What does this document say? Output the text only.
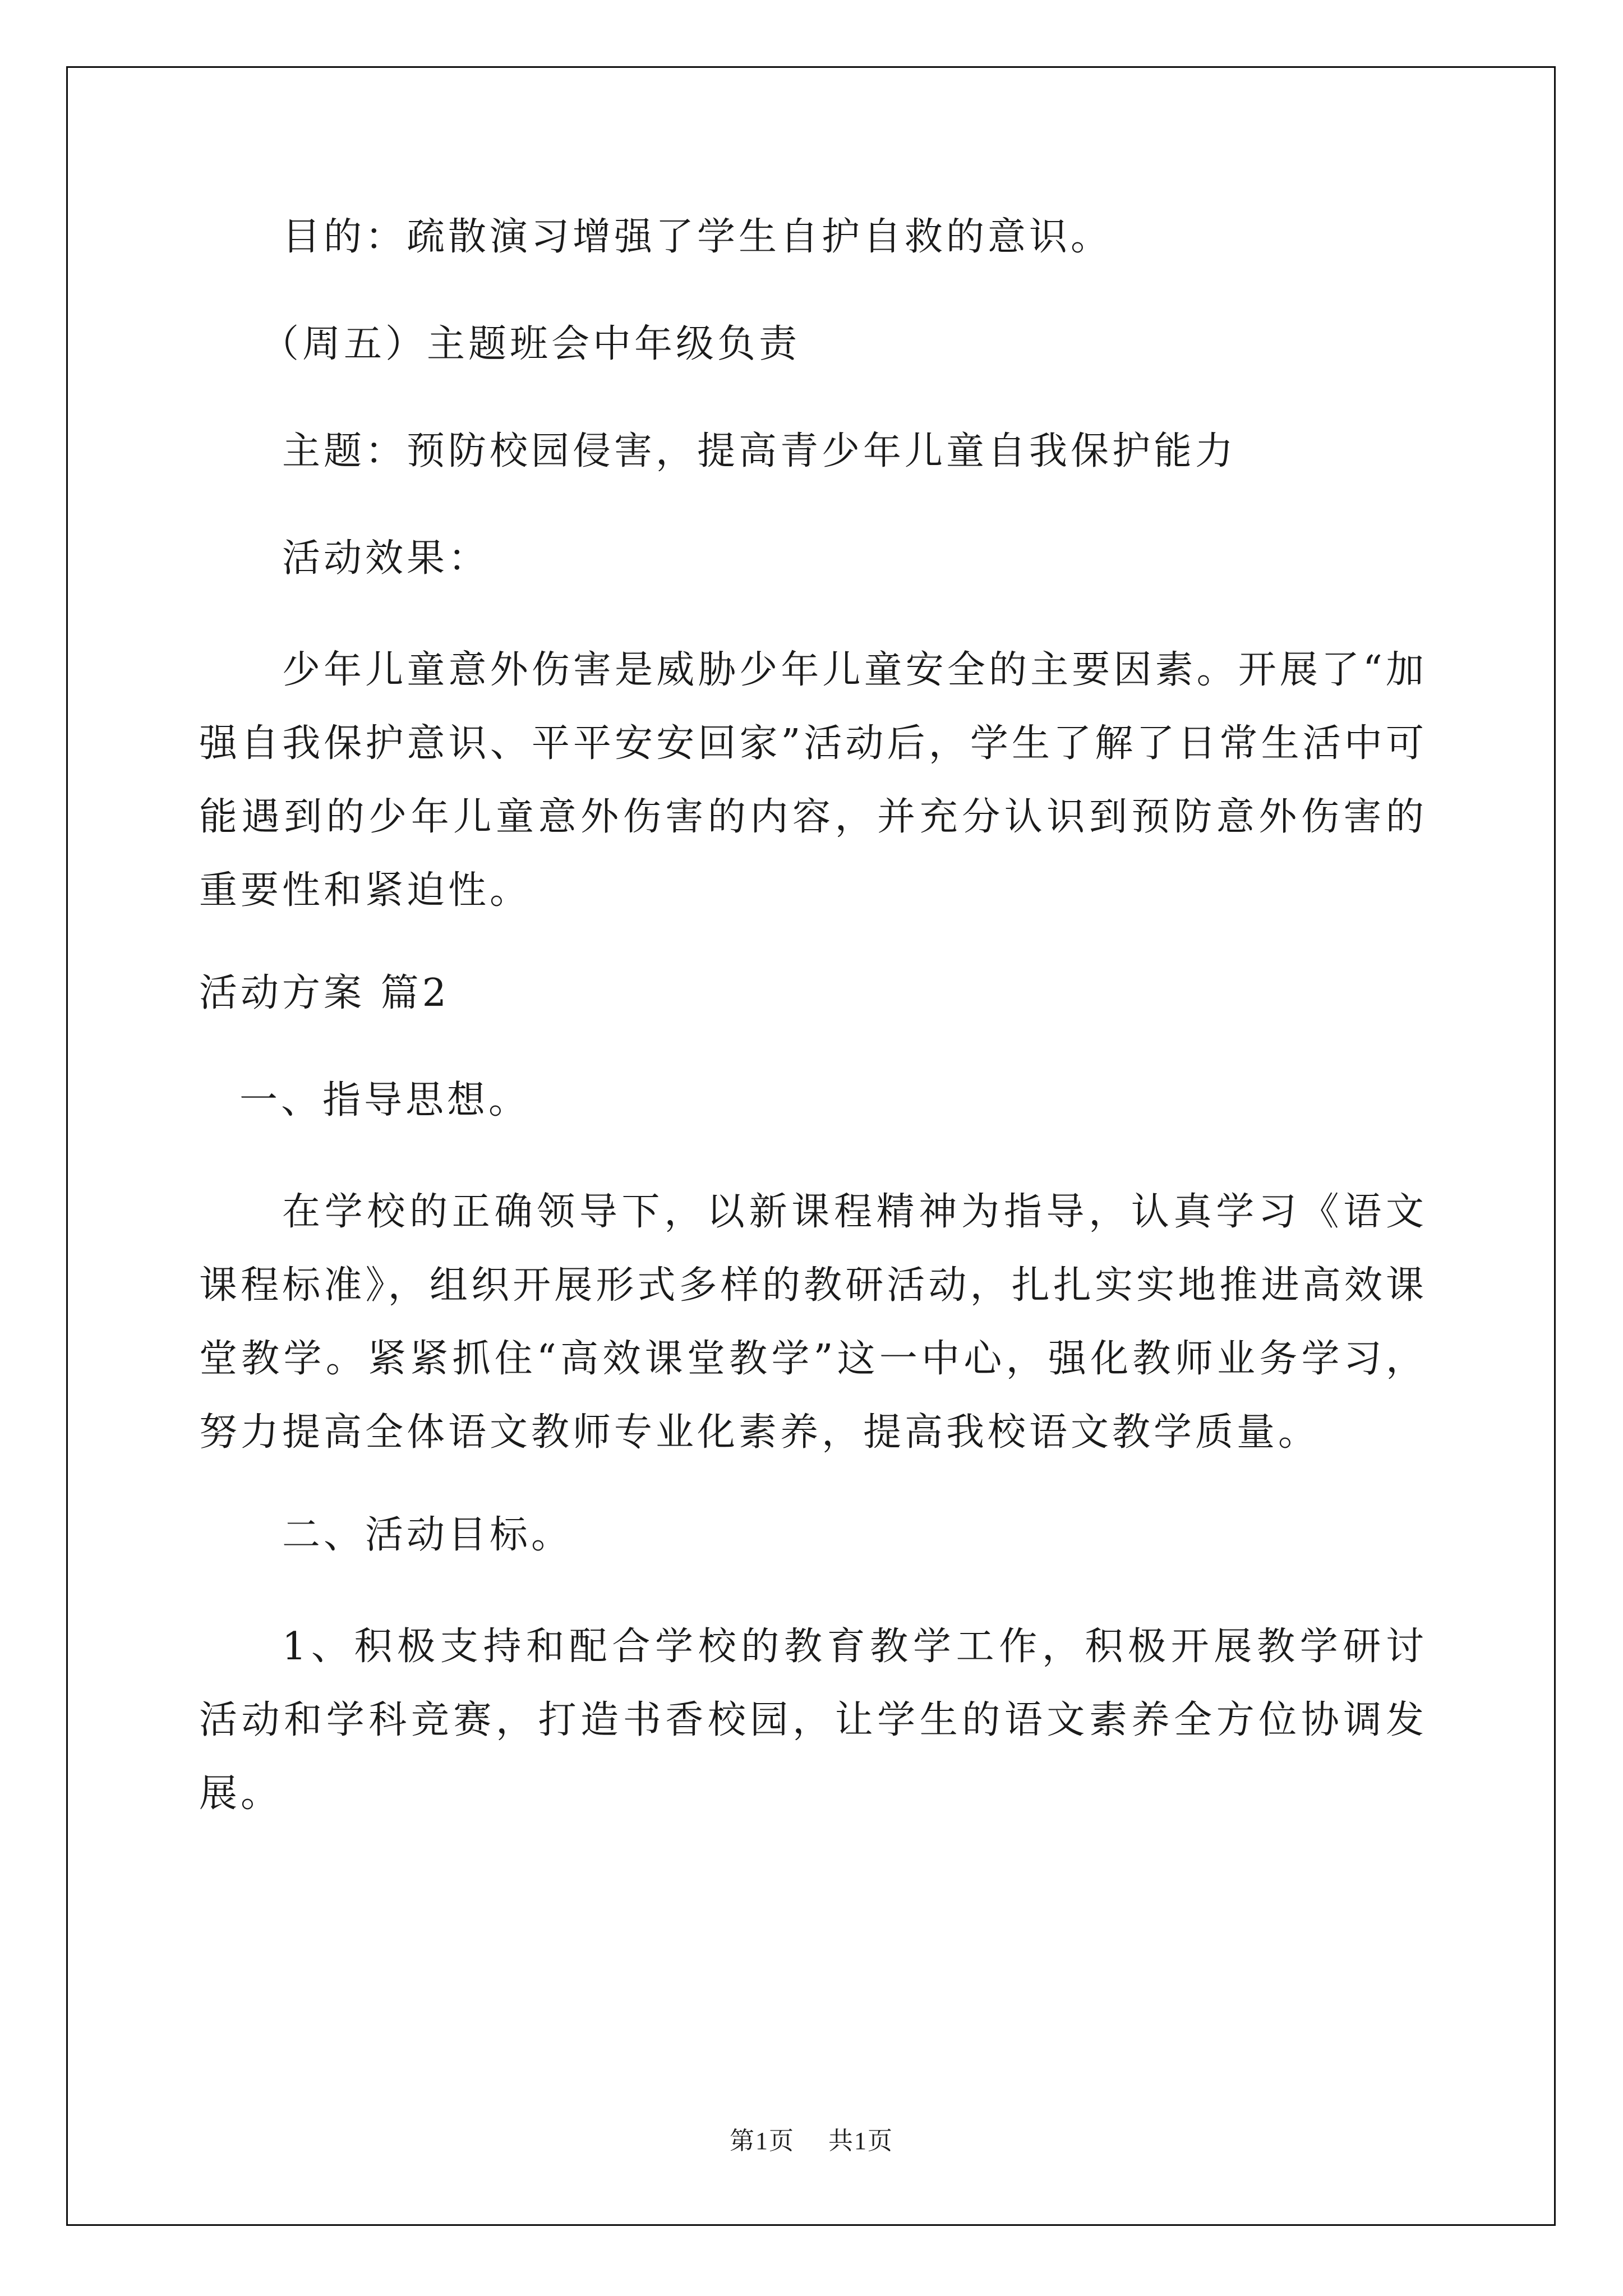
目的：疏散演习增强了学生自护自救的意识。
（周五）主题班会中年级负责
主题：预防校园侵害，提高青少年儿童自我保护能力
活动效果：
少年儿童意外伤害是威胁少年儿童安全的主要因素。开展了“加强自我保护意识、平平安安回家”活动后，学生了解了日常生活中可能遇到的少年儿童意外伤害的内容，并充分认识到预防意外伤害的重要性和紧迫性。
活动方案 篇2
一、指导思想。
在学校的正确领导下，以新课程精神为指导，认真学习《语文课程标准》，组织开展形式多样的教研活动，扎扎实实地推进高效课堂教学。紧紧抓住“高效课堂教学”这一中心，强化教师业务学习，努力提高全体语文教师专业化素养，提高我校语文教学质量。
二、活动目标。
1、积极支持和配合学校的教育教学工作，积极开展教学研讨活动和学科竞赛，打造书香校园，让学生的语文素养全方位协调发展。
第1页 共1页
